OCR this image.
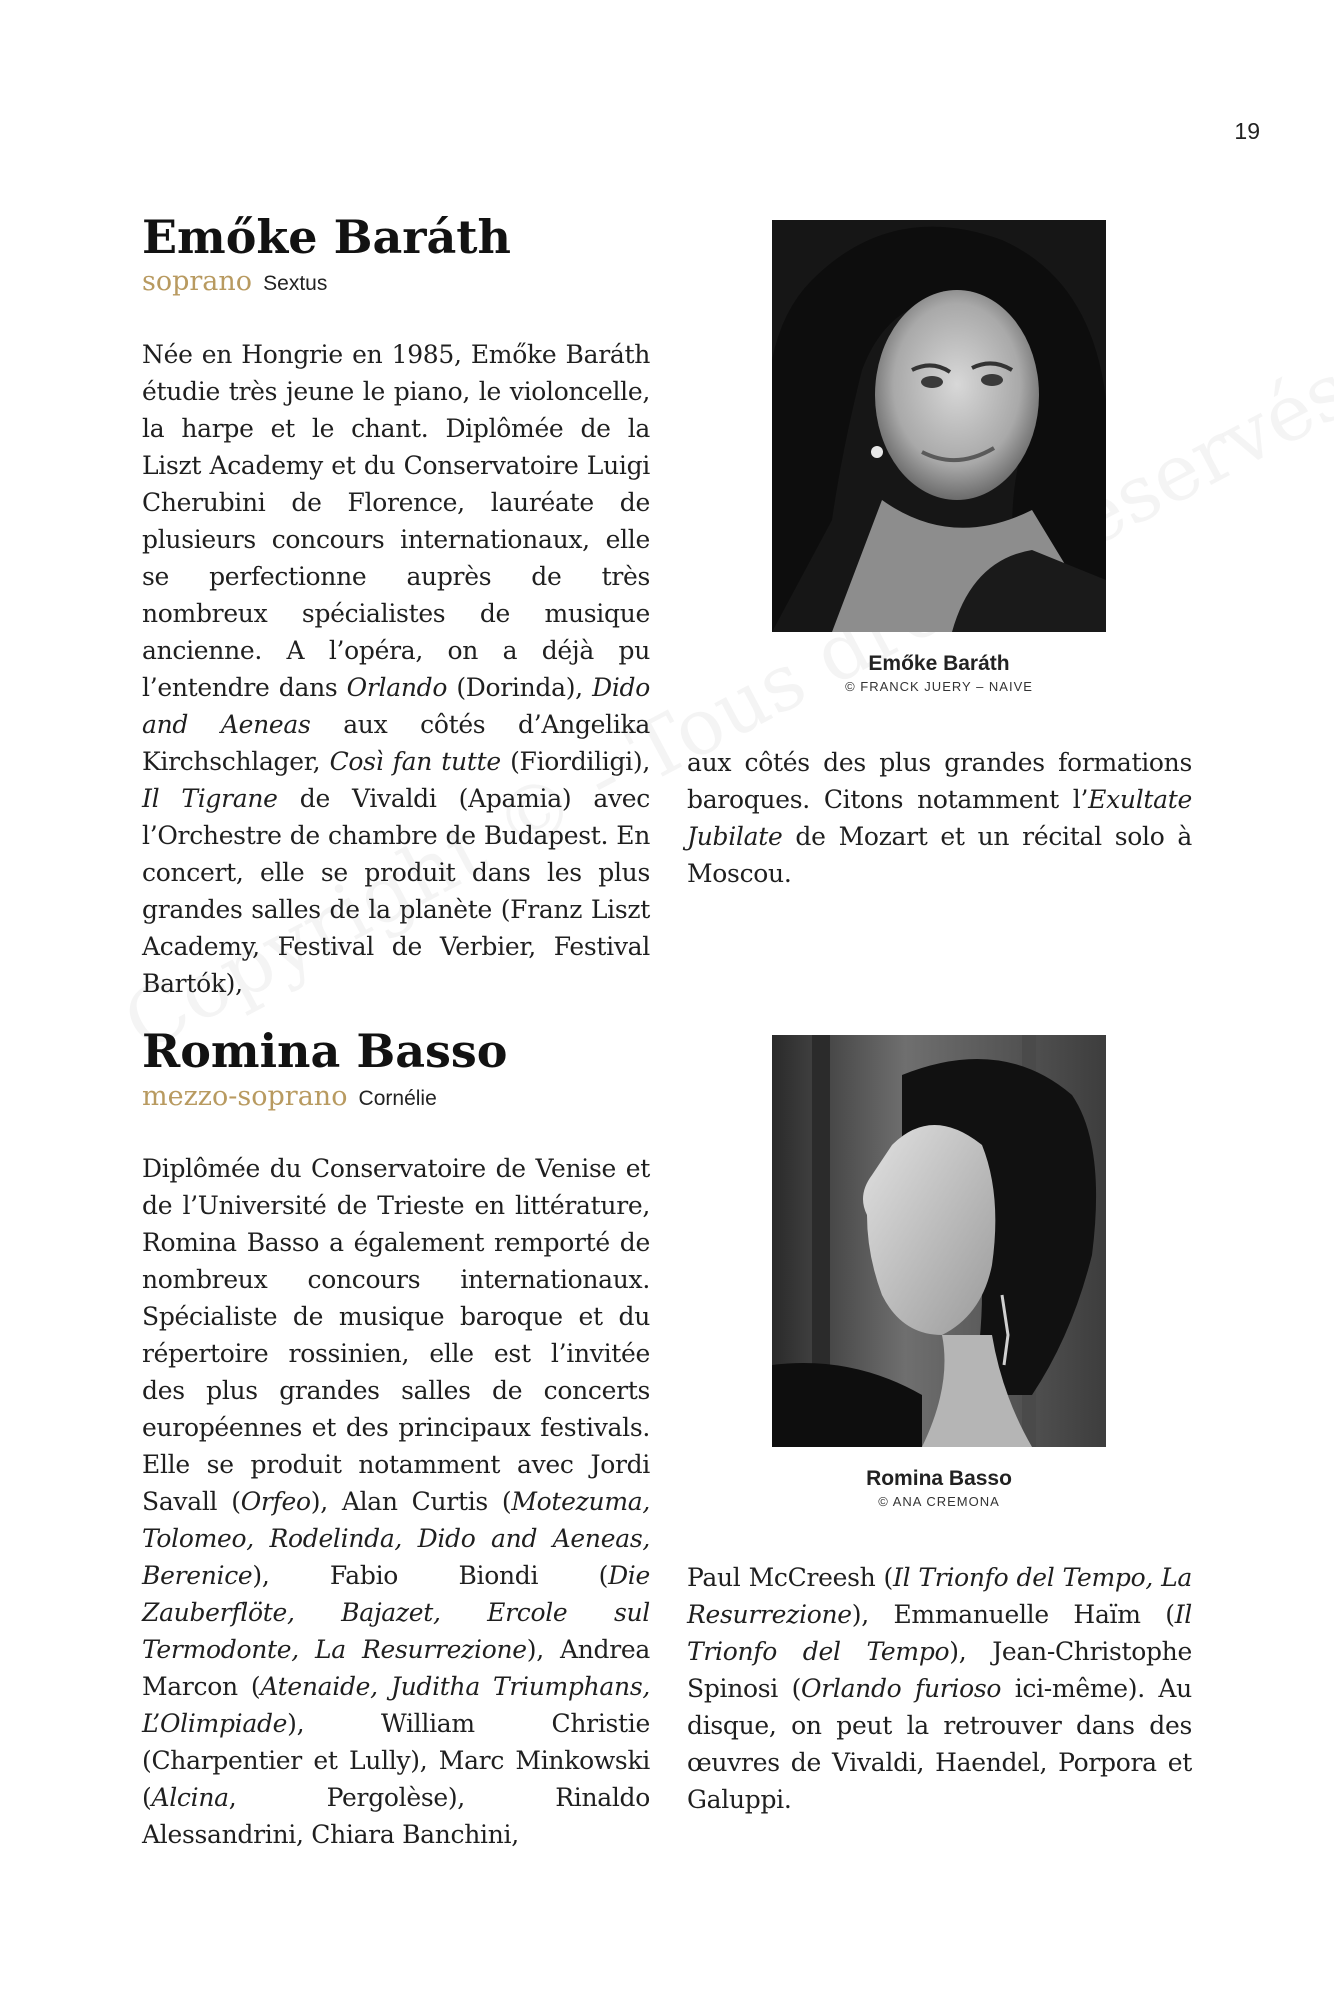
19
Emőke Baráth
soprano Sextus

Née en Hongrie en 1985, Emőke Baráth étudie très jeune le piano, le violoncelle, la harpe et le chant. Diplômée de la Liszt Academy et du Conservatoire Luigi Cherubini de Florence, lauréate de plusieurs concours internationaux, elle se perfectionne auprès de très nombreux spécialistes de musique ancienne. A l’opéra, on a déjà pu l’entendre dans Orlando (Dorinda), Dido and Aeneas aux côtés d’Angelika Kirchschlager, Così fan tutte (Fiordiligi), Il Tigrane de Vivaldi (Apamia) avec l’Orchestre de chambre de Budapest. En concert, elle se produit dans les plus grandes salles de la planète (Franz Liszt Academy, Festival de Verbier, Festival Bartók),

Emőke Baráth
© FRANCK JUERY – NAIVE

aux côtés des plus grandes formations baroques. Citons notamment l’Exultate Jubilate de Mozart et un récital solo à Moscou.

Romina Basso
mezzo-soprano Cornélie

Diplômée du Conservatoire de Venise et de l’Université de Trieste en littérature, Romina Basso a également remporté de nombreux concours internationaux. Spécialiste de musique baroque et du répertoire rossinien, elle est l’invitée des plus grandes salles de concerts européennes et des principaux festivals. Elle se produit notamment avec Jordi Savall (Orfeo), Alan Curtis (Motezuma, Tolomeo, Rodelinda, Dido and Aeneas, Berenice), Fabio Biondi (Die Zauberflöte, Bajazet, Ercole sul Termodonte, La Resurrezione), Andrea Marcon (Atenaide, Juditha Triumphans, L’Olimpiade), William Christie (Charpentier et Lully), Marc Minkowski (Alcina, Pergolèse), Rinaldo Alessandrini, Chiara Banchini,

Romina Basso
© ANA CREMONA

Paul McCreesh (Il Trionfo del Tempo, La Resurrezione), Emmanuelle Haïm (Il Trionfo del Tempo), Jean-Christophe Spinosi (Orlando furioso ici-même). Au disque, on peut la retrouver dans des œuvres de Vivaldi, Haendel, Porpora et Galuppi.
